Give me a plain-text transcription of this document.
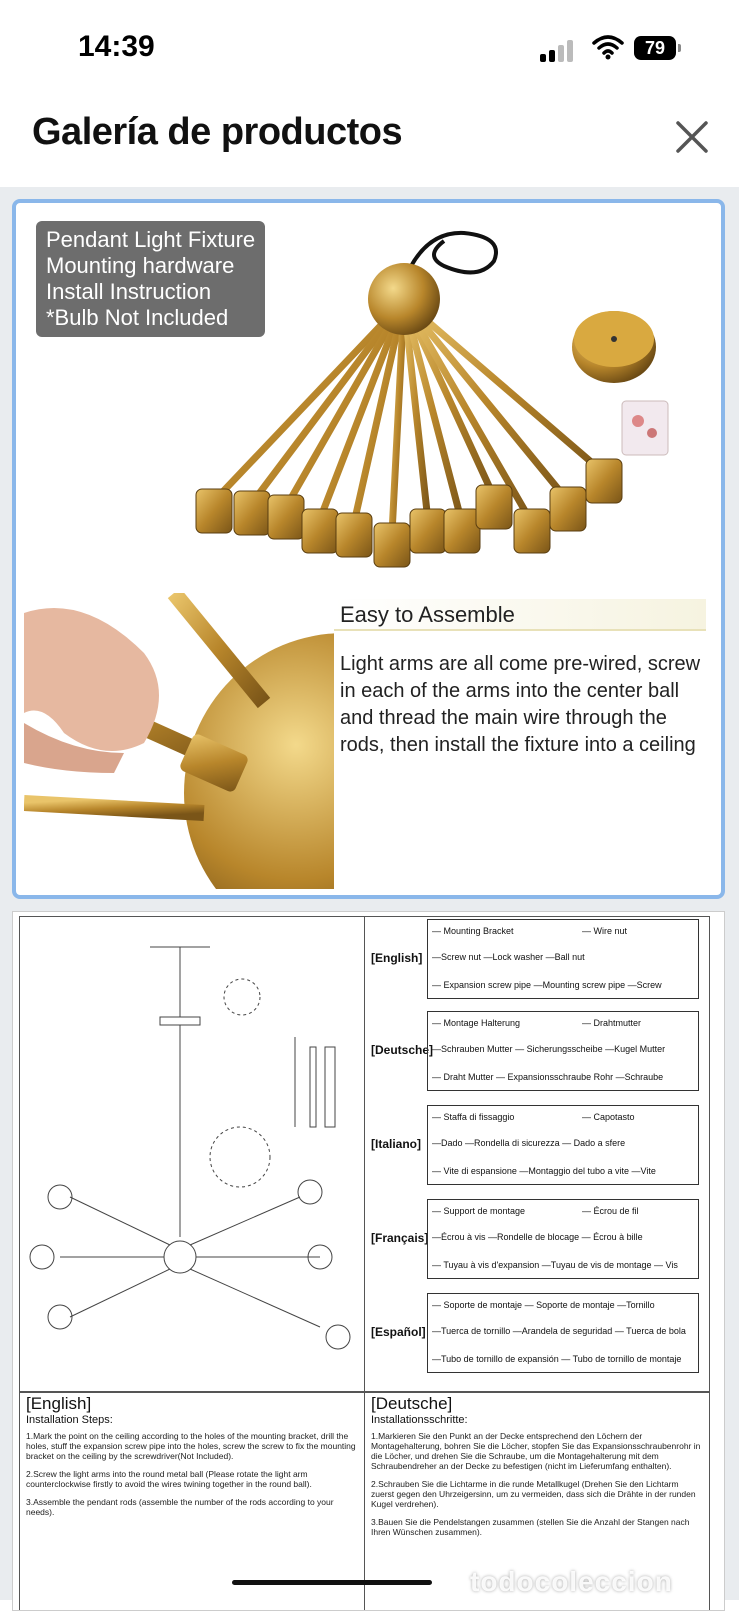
14:39	79
Galería de productos
Pendant Light Fixture
Mounting hardware
Install Instruction
*Bulb Not Included
Easy to Assemble
Light arms are all come pre-wired, screw in each of the arms into the center ball and thread the main wire through the rods, then install the fixture into a ceiling
[English]
— Mounting Bracket	— Wire nut
—Screw nut —Lock washer —Ball nut
— Expansion screw pipe —Mounting screw pipe —Screw
[Deutsche]
— Montage Halterung	— Drahtmutter
—Schrauben Mutter — Sicherungsscheibe —Kugel Mutter
— Draht Mutter — Expansionsschraube Rohr —Schraube
[Italiano]
— Staffa di fissaggio	— Capotasto
—Dado —Rondella di sicurezza — Dado a sfere
— Vite di espansione —Montaggio del tubo a vite —Vite
[Français]
— Support de montage	— Écrou de fil
—Écrou à vis —Rondelle de blocage — Écrou à bille
— Tuyau à vis d'expansion —Tuyau de vis de montage — Vis
[Español]
— Soporte de montaje — Soporte de montaje —Tornillo
—Tuerca de tornillo —Arandela de seguridad — Tuerca de bola
—Tubo de tornillo de expansión — Tubo de tornillo de montaje
[English]
Installation Steps:

1.Mark the point on the ceiling according to the holes of the mounting bracket, drill the holes, stuff the expansion screw pipe into the holes, screw the screw to fix the mounting bracket on the ceiling by the screwdriver(Not Included).

2.Screw the light arms into the round metal ball (Please rotate the light arm counterclockwise firstly to avoid the wires twining together in the round ball).

3.Assemble the pendant rods (assemble the number of the rods according to your needs).

[Deutsche]
Installationsschritte:

1.Markieren Sie den Punkt an der Decke entsprechend den Löchern der Montagehalterung, bohren Sie die Löcher, stopfen Sie das Expansionsschraubenrohr in die Löcher, und drehen Sie die Schraube, um die Montagehalterung mit dem Schraubendreher an der Decke zu befestigen (nicht im Lieferumfang enthalten).

2.Schrauben Sie die Lichtarme in die runde Metallkugel (Drehen Sie den Lichtarm zuerst gegen den Uhrzeigersinn, um zu vermeiden, dass sich die Drähte in der runden Kugel verdrehen).

3.Bauen Sie die Pendelstangen zusammen (stellen Sie die Anzahl der Stangen nach Ihren Wünschen zusammen).

todocoleccion
